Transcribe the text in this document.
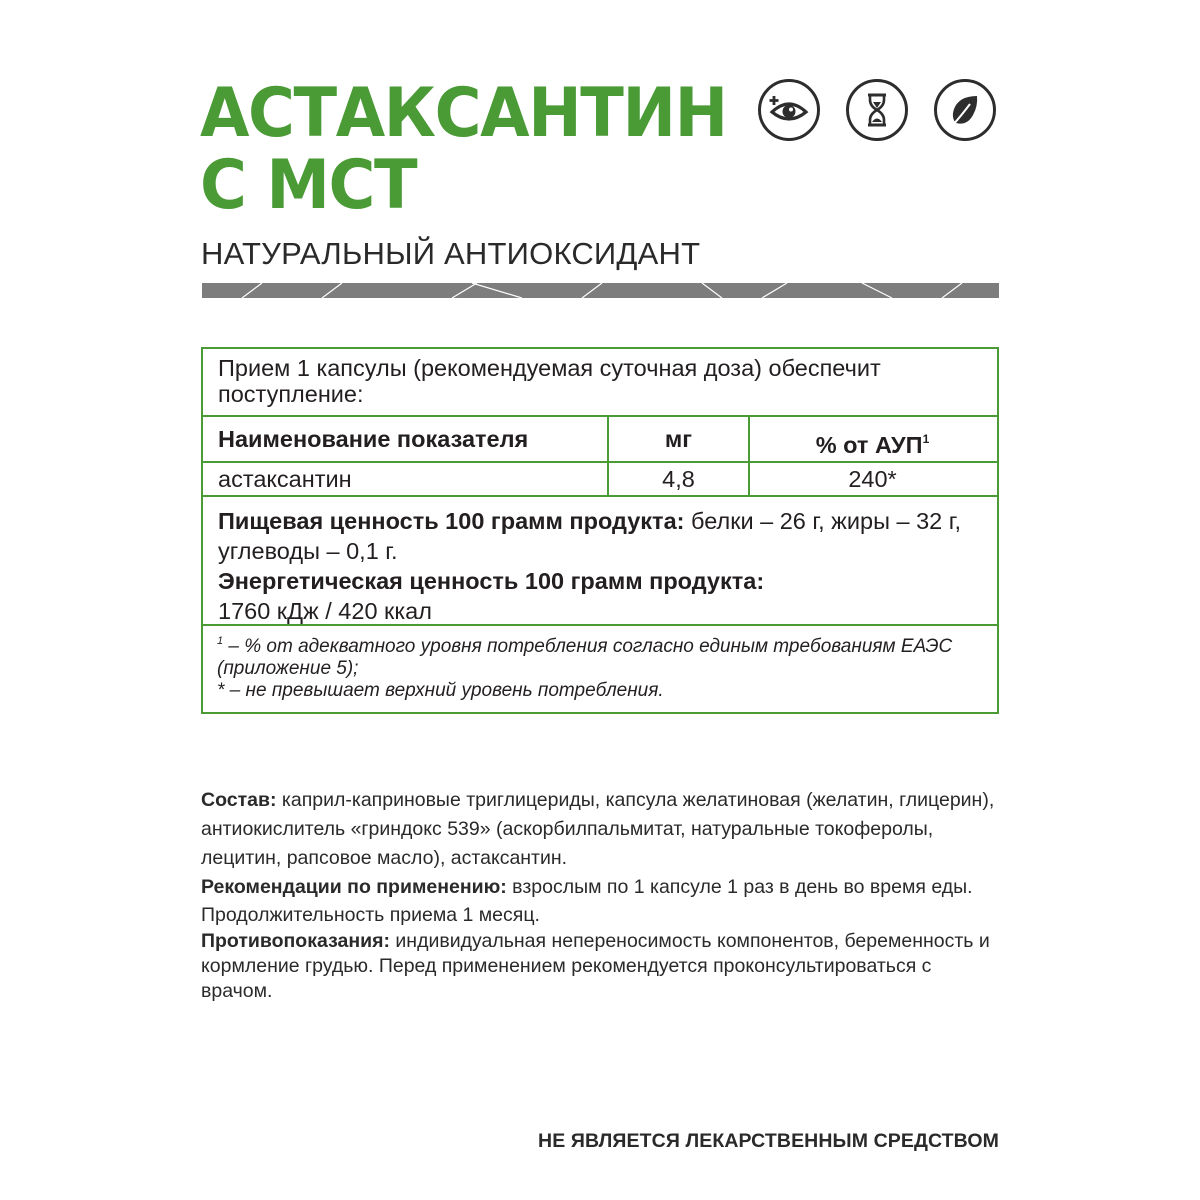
АСТАКСАНТИН
С МСТ
НАТУРАЛЬНЫЙ АНТИОКСИДАНТ
Прием 1 капсулы (рекомендуемая суточная доза) обеспечит поступление:
Наименование показателя	мг	% от АУП$^1$
астаксантин	4,8	240*
Пищевая ценность 100 грамм продукта: белки – 26 г, жиры – 32 г, углеводы – 0,1 г.
Энергетическая ценность 100 грамм продукта:
1760 кДж / 420 ккал
$^1$ – % от адекватного уровня потребления согласно единым требованиям ЕАЭС (приложение 5);
* – не превышает верхний уровень потребления.

Состав: каприл-каприновые триглицериды, капсула желатиновая (желатин, глицерин), антиокислитель «гриндокс 539» (аскорбилпальмитат, натуральные токоферолы, лецитин, рапсовое масло), астаксантин.

Рекомендации по применению: взрослым по 1 капсуле 1 раз в день во время еды. Продолжительность приема 1 месяц.

Противопоказания: индивидуальная непереносимость компонентов, беременность и кормление грудью. Перед применением рекомендуется проконсультироваться с врачом.

НЕ ЯВЛЯЕТСЯ ЛЕКАРСТВЕННЫМ СРЕДСТВОМ
